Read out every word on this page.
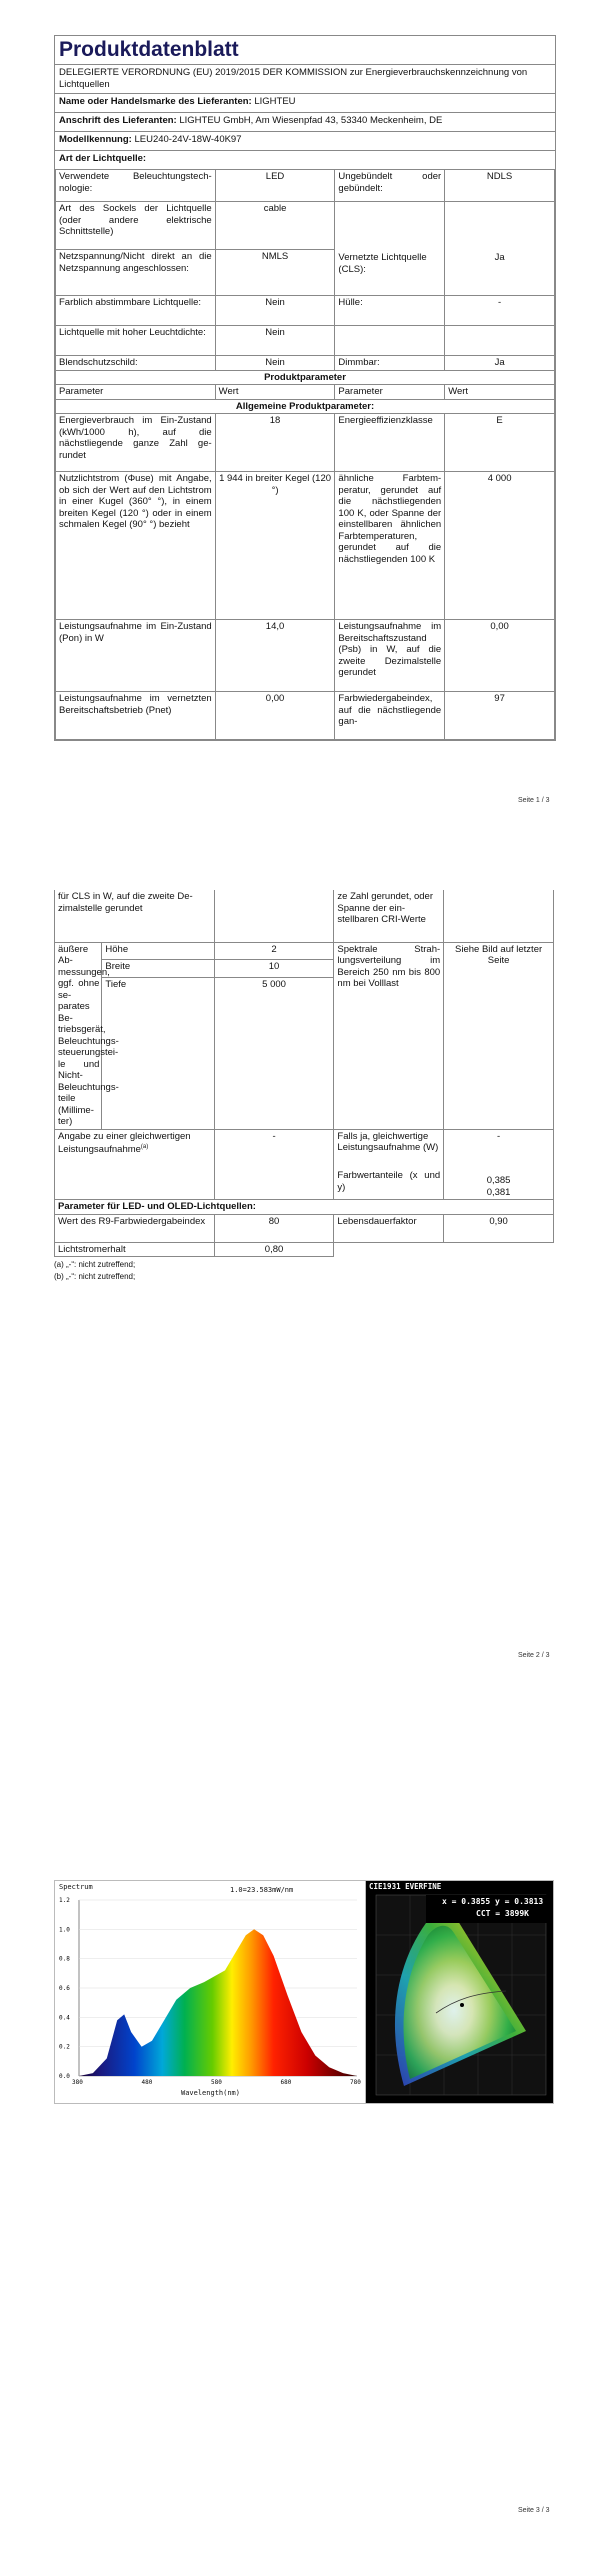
Produktdatenblatt
DELEGIERTE VERORDNUNG (EU) 2019/2015 DER KOMMISSION zur Energieverbrauchskennzeichnung von Lichtquellen
Name oder Handelsmarke des Lieferanten: LIGHTEU
Anschrift des Lieferanten: LIGHTEU GmbH, Am Wiesenpfad 43, 53340 Meckenheim, DE
Modellkennung: LEU240-24V-18W-40K97
Art der Lichtquelle:
Verwendete Beleuchtungstechnologie:	LED	Ungebündelt oder gebündelt:	NDLS
Art des Sockels der Lichtquelle (oder andere elektrische Schnittstelle)	cable	Vernetzte Lichtquelle (CLS):	Ja
Netzspannung/Nicht direkt an die Netzspannung angeschlossen:	NMLS		
Farblich abstimmbare Lichtquelle:	Nein	Hülle:	-
Lichtquelle mit hoher Leuchtdichte:	Nein		
Blendschutzschild:	Nein	Dimmbar:	Ja
Produktparameter			
Parameter	Wert	Parameter	Wert
Allgemeine Produktparameter:			
Energieverbrauch im Ein-Zustand (kWh/1000 h), auf die nächstliegende ganze Zahl gerundet	18	Energieeffizienzklasse	E
Nutzlichtstrom (Φuse) mit Angabe, ob sich der Wert auf den Lichtstrom in einer Kugel (360° °), in einem breiten Kegel (120 °) oder in einem schmalen Kegel (90° °) bezieht	1 944 in breiter Kegel (120 °)	ähnliche Farbtemperatur, gerundet auf die nächstliegenden 100 K, oder Spanne der einstellbaren ähnlichen Farbtemperaturen, gerundet auf die nächstliegenden 100 K	4 000
Leistungsaufnahme im Ein-Zustand (Pon) in W	14,0	Leistungsaufnahme im Bereitschaftszustand (Psb) in W, auf die zweite Dezimalstelle gerundet	0,00
Leistungsaufnahme im vernetzten Bereitschaftsbetrieb (Pnet)	0,00	Farbwiedergabeindex, auf die nächstliegende gan-	97
Seite 1 / 3
für CLS in W, auf die zweite Dezimalstelle gerundet			ze Zahl gerundet, oder Spanne der einstellbaren CRI-Werte	
äußere Abmessungen, ggf. ohne separates Betriebsgerät, Beleuchtungssteuerungsteile und Nicht-Beleuchtungsteile (Millimeter)	Höhe	2	Spektrale Strahlungsverteilung im Bereich 250 nm bis 800 nm bei Volllast	Siehe Bild auf letzter Seite
	Breite	10		
	Tiefe	5 000		

Angabe zu einer gleichwertigen Leistungsaufnahme$^{(a)}$		-	Falls ja, gleichwertige Leistungsaufnahme (W)	-
			Farbwertanteile (x und y)	0,385
0,381

Parameter für LED- und OLED-Lichtquellen:				
Wert des R9-Farbwiedergabeindex		80	Lebensdauerfaktor	0,90
Lichtstromerhalt		0,80		
(a) „-“: nicht zutreffend;
(b) „-“: nicht zutreffend;
Seite 2 / 3
Spectrum	1.0=23.583mW/nm
Wavelength(nm)
1.2
1.0
0.8
0.6
0.4
0.2
0.0
380	480	580	680	780
CIE1931 EVERFINE
x = 0.3855 y = 0.3813
CCT = 3899K
Seite 3 / 3
